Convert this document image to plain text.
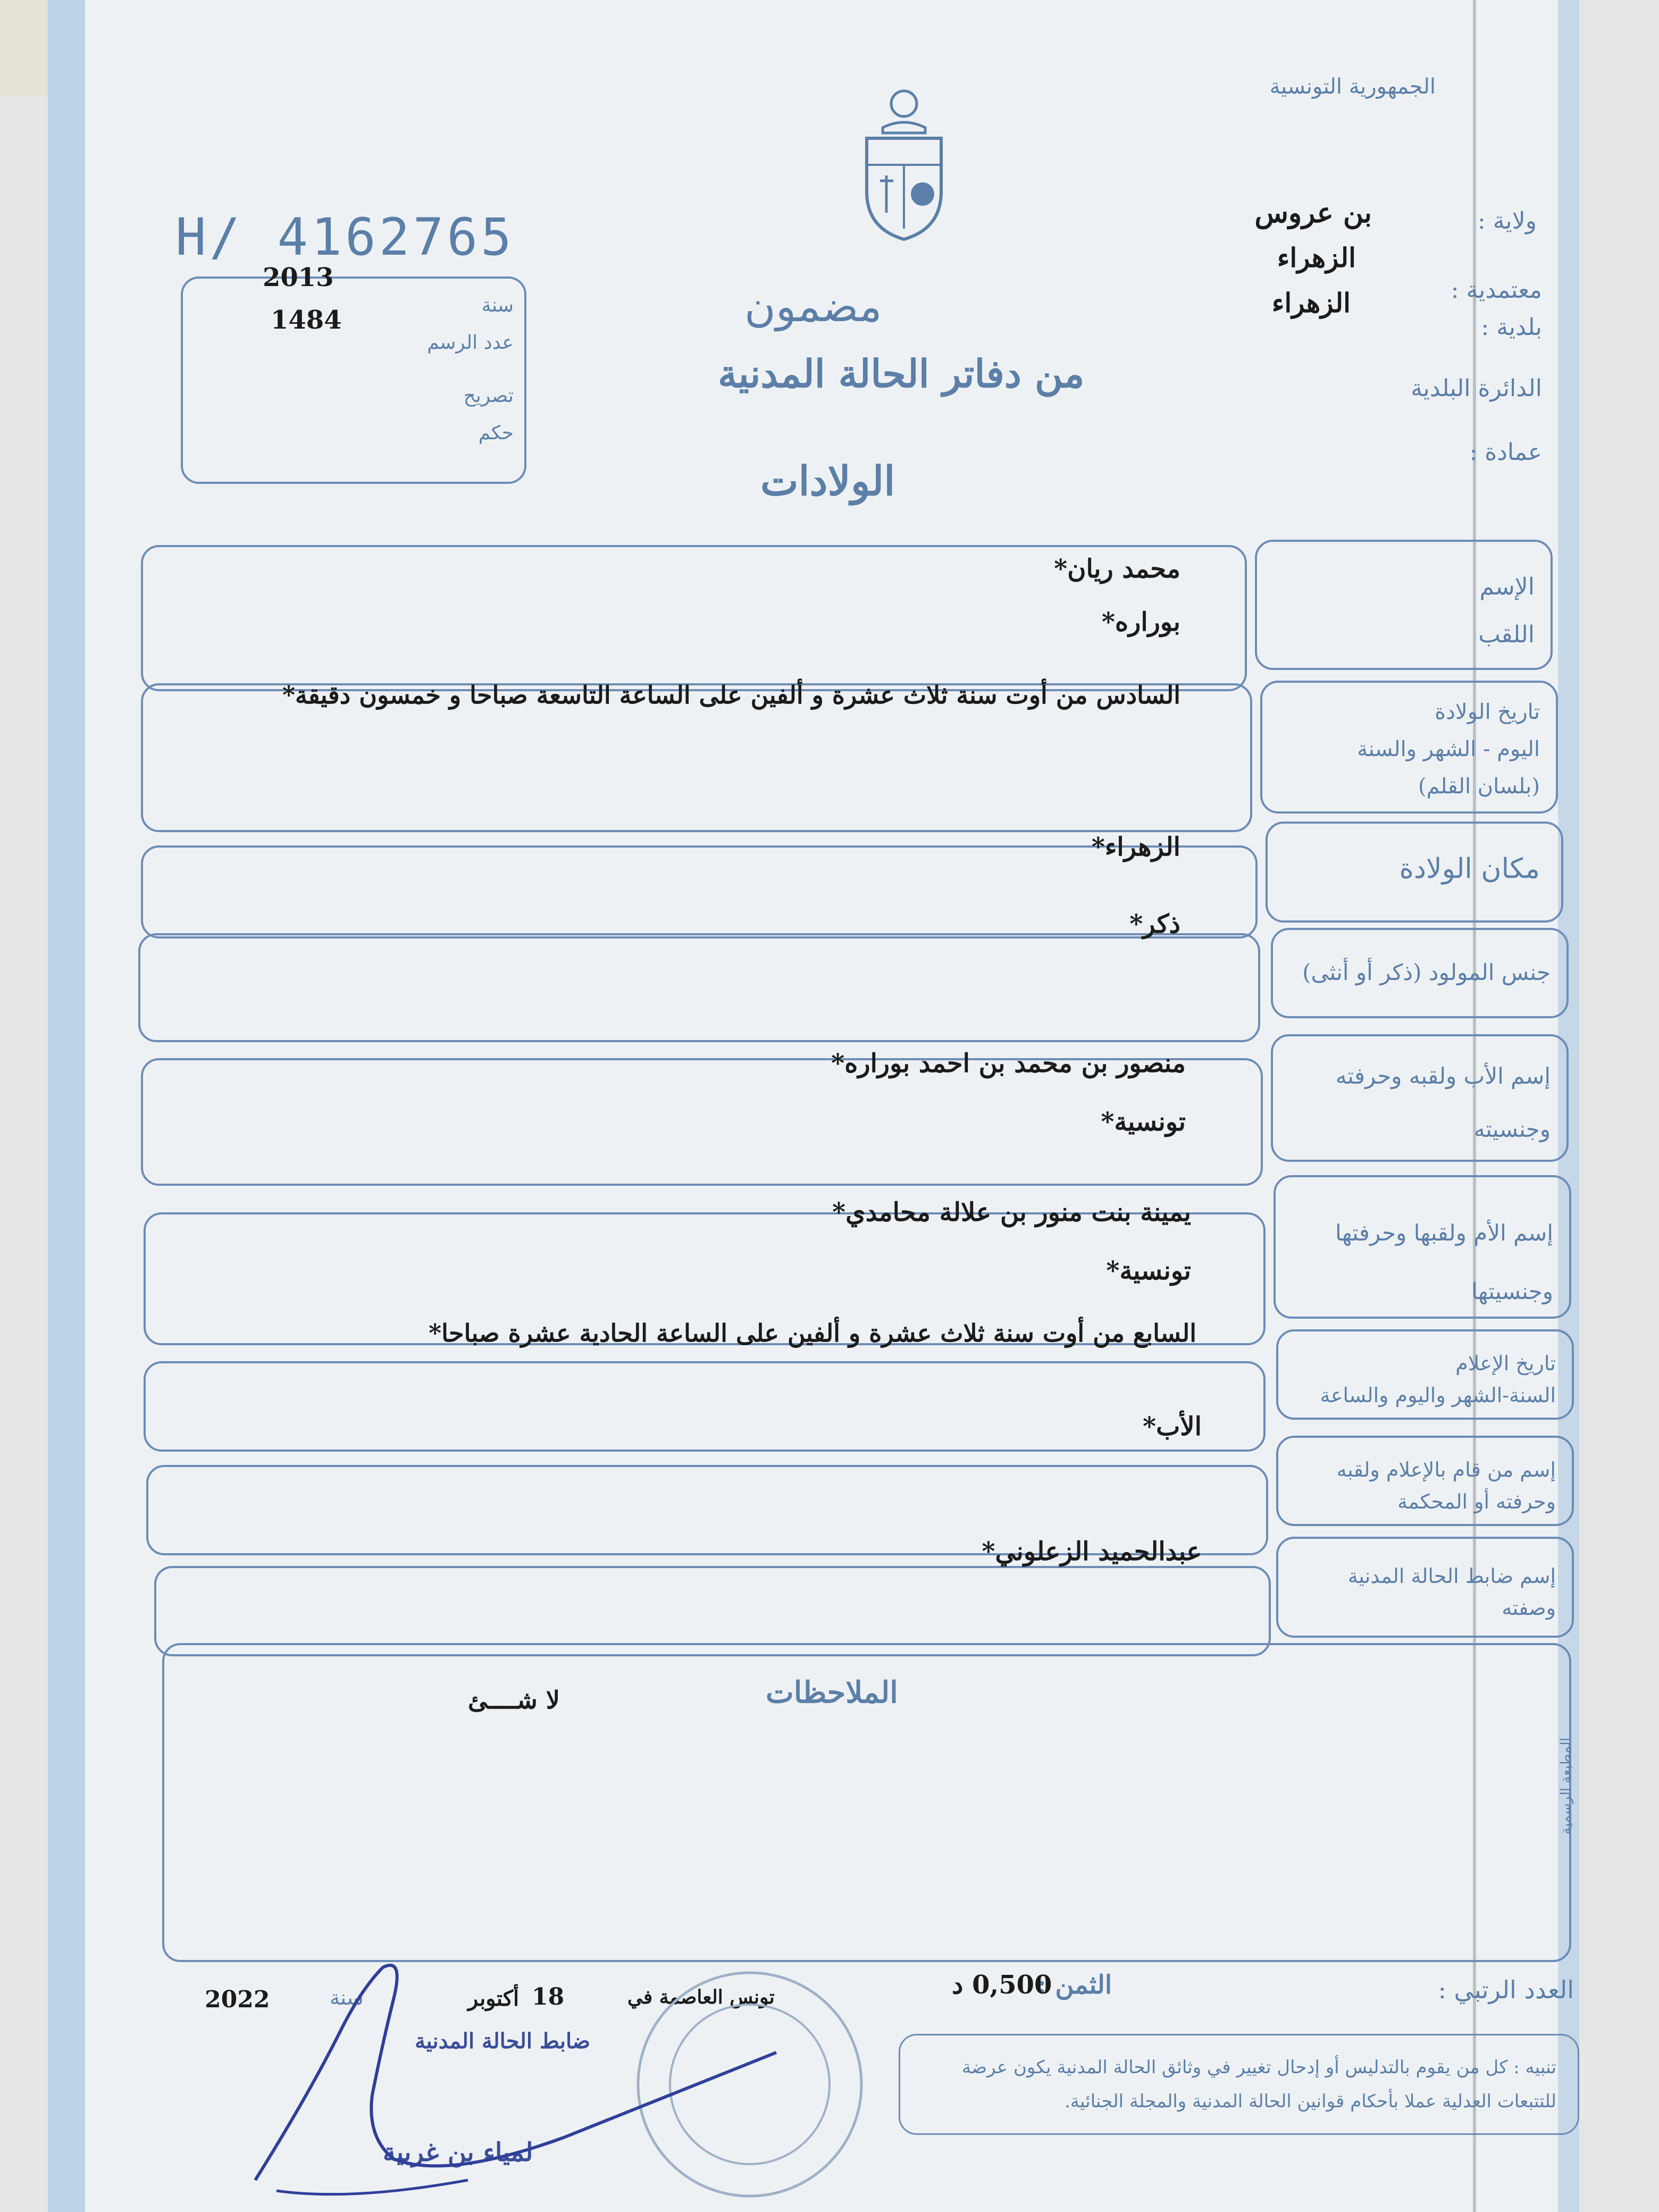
الجمهورية التونسية
ولاية :
بن عروس
معتمدية :
الزهراء
بلدية :
الزهراء
الدائرة البلدية
عمادة :
H/ 4162765
سنة
2013
عدد الرسم
1484
تصريح
حكم
مضمون
من دفاتر الحالة المدنية
الولادات
الإسم
اللقب
محمد ريان*
بوراره*
تاريخ الولادة
اليوم - الشهر والسنة
(بلسان القلم)
السادس من أوت سنة ثلاث عشرة و ألفين على الساعة التاسعة صباحا و خمسون دقيقة*
مكان الولادة
الزهراء*
جنس المولود (ذكر أو أنثى)
ذكر*
إسم الأب ولقبه وحرفته
وجنسيته
منصور بن محمد بن احمد بوراره*
تونسية*
إسم الأم ولقبها وحرفتها
وجنسيتها
يمينة بنت منور بن علالة محامدي*
تونسية*
تاريخ الإعلام
السنة-الشهر واليوم والساعة
السابع من أوت سنة ثلاث عشرة و ألفين على الساعة الحادية عشرة صباحا*
إسم من قام بالإعلام ولقبه
وحرفته أو المحكمة
الأب*
إسم ضابط الحالة المدنية
وصفته
عبدالحميد الزعلوني*
الملاحظات
لا شــــئ
المطبعة الرسمية
العدد الرتبي :
الثمن :
0,500 د
تونس العاصمة في
18
أكتوبر
سنة
2022
ضابط الحالة المدنية
لمياء بن غربية
تنبيه : كل من يقوم بالتدليس أو إدحال تغيير في وثائق الحالة المدنية يكون عرضة
للتتبعات العدلية عملا بأحكام قوانين الحالة المدنية والمجلة الجنائية.
